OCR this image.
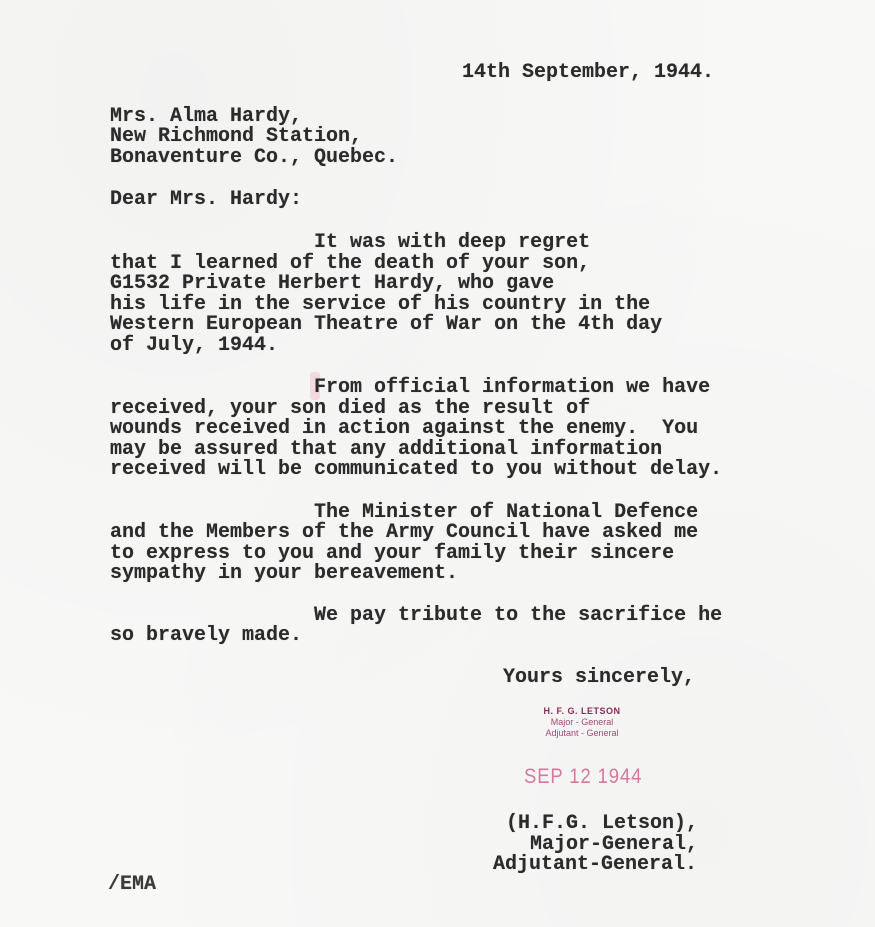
14th September, 1944.
Mrs. Alma Hardy,
New Richmond Station,
Bonaventure Co., Quebec.
Dear Mrs. Hardy:
It was with deep regret
that I learned of the death of your son,
G1532 Private Herbert Hardy, who gave
his life in the service of his country in the
Western European Theatre of War on the 4th day
of July, 1944.
From official information we have
received, your son died as the result of
wounds received in action against the enemy.  You
may be assured that any additional information
received will be communicated to you without delay.
The Minister of National Defence
and the Members of the Army Council have asked me
to express to you and your family their sincere
sympathy in your bereavement.
We pay tribute to the sacrifice he
so bravely made.
Yours sincerely,
H. F. G. LETSON
Major - General
Adjutant - General
SEP 12 1944
(H.F.G. Letson),
Major-General,
Adjutant-General.
/EMA
